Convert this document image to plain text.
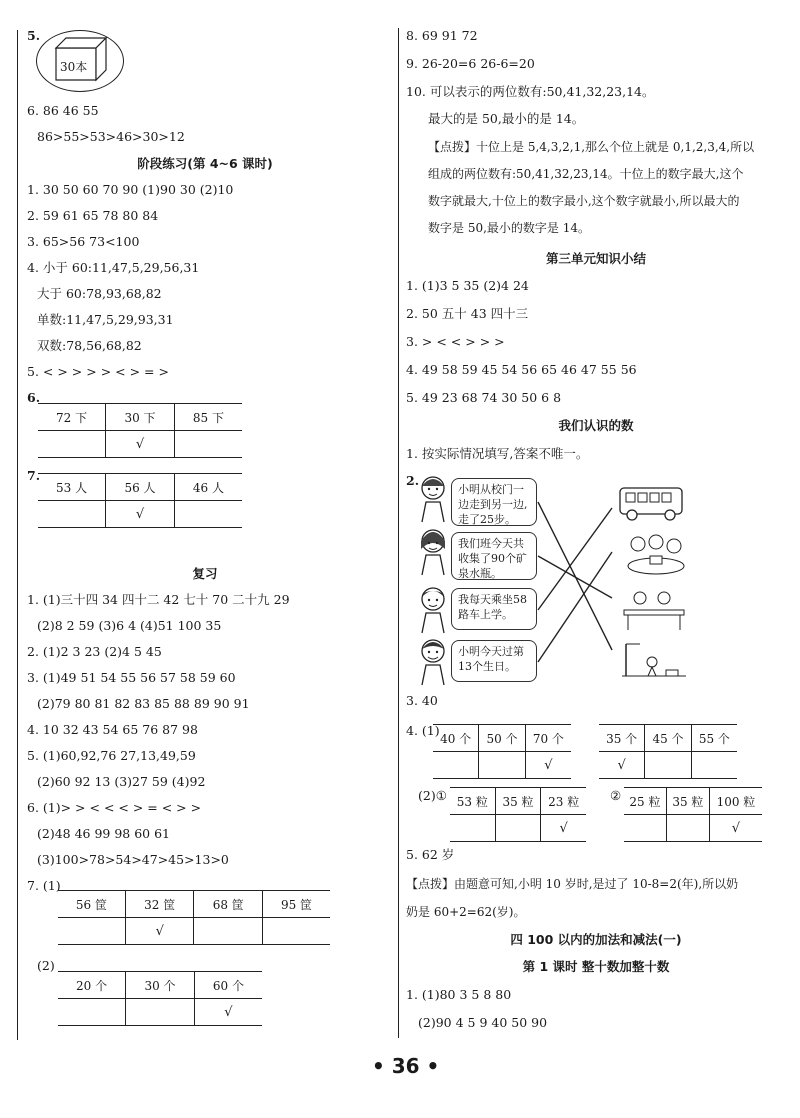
5.
30本
6. 86 46 55
86>55>53>46>30>12
阶段练习(第 4~6 课时)
1. 30 50 60 70 90 (1)90 30 (2)10
2. 59 61 65 78 80 84
3. 65>56 73<100
4. 小于 60:11,47,5,29,56,31
大于 60:78,93,68,82
单数:11,47,5,29,93,31
双数:78,56,68,82
5. < > > > > < > = >
6.
72 下	30 下	85 下
	√	
7.
53 人	56 人	46 人
	√	
复习
1. (1)三十四 34 四十二 42 七十 70 二十九 29
(2)8 2 59 (3)6 4 (4)51 100 35
2. (1)2 3 23 (2)4 5 45
3. (1)49 51 54 55 56 57 58 59 60
(2)79 80 81 82 83 85 88 89 90 91
4. 10 32 43 54 65 76 87 98
5. (1)60,92,76 27,13,49,59
(2)60 92 13 (3)27 59 (4)92
6. (1)> > < < < > = < > >
(2)48 46 99 98 60 61
(3)100>78>54>47>45>13>0
7. (1)
56 筐	32 筐	68 筐	95 筐
	√		
(2)
20 个	30 个	60 个
		√
8. 69 91 72
9. 26-20=6 26-6=20
10. 可以表示的两位数有:50,41,32,23,14。
最大的是 50,最小的是 14。
【点拨】十位上是 5,4,3,2,1,那么个位上就是 0,1,2,3,4,所以
组成的两位数有:50,41,32,23,14。十位上的数字最大,这个
数字就最大,十位上的数字最小,这个数字就最小,所以最大的
数字是 50,最小的数字是 14。
第三单元知识小结
1. (1)3 5 35 (2)4 24
2. 50 五十 43 四十三
3. > < < > > >
4. 49 58 59 45 54 56 65 46 47 55 56
5. 49 23 68 74 30 50 6 8
我们认识的数
1. 按实际情况填写,答案不唯一。
2.
小明从校门一边走到另一边,走了25步。
我们班今天共收集了90个矿泉水瓶。
我每天乘坐58路车上学。
小明今天过第13个生日。
3. 40
4. (1)
40 个	50 个	70 个
		√
35 个	45 个	55 个
√		
(2)① 53 粒	35 粒	23 粒
		√
② 25 粒	35 粒	100 粒
		√
5. 62 岁
【点拨】由题意可知,小明 10 岁时,是过了 10-8=2(年),所以奶
奶是 60+2=62(岁)。
四 100 以内的加法和减法(一)
第 1 课时 整十数加整十数
1. (1)80 3 5 8 80
(2)90 4 5 9 40 50 90
• 36 •
